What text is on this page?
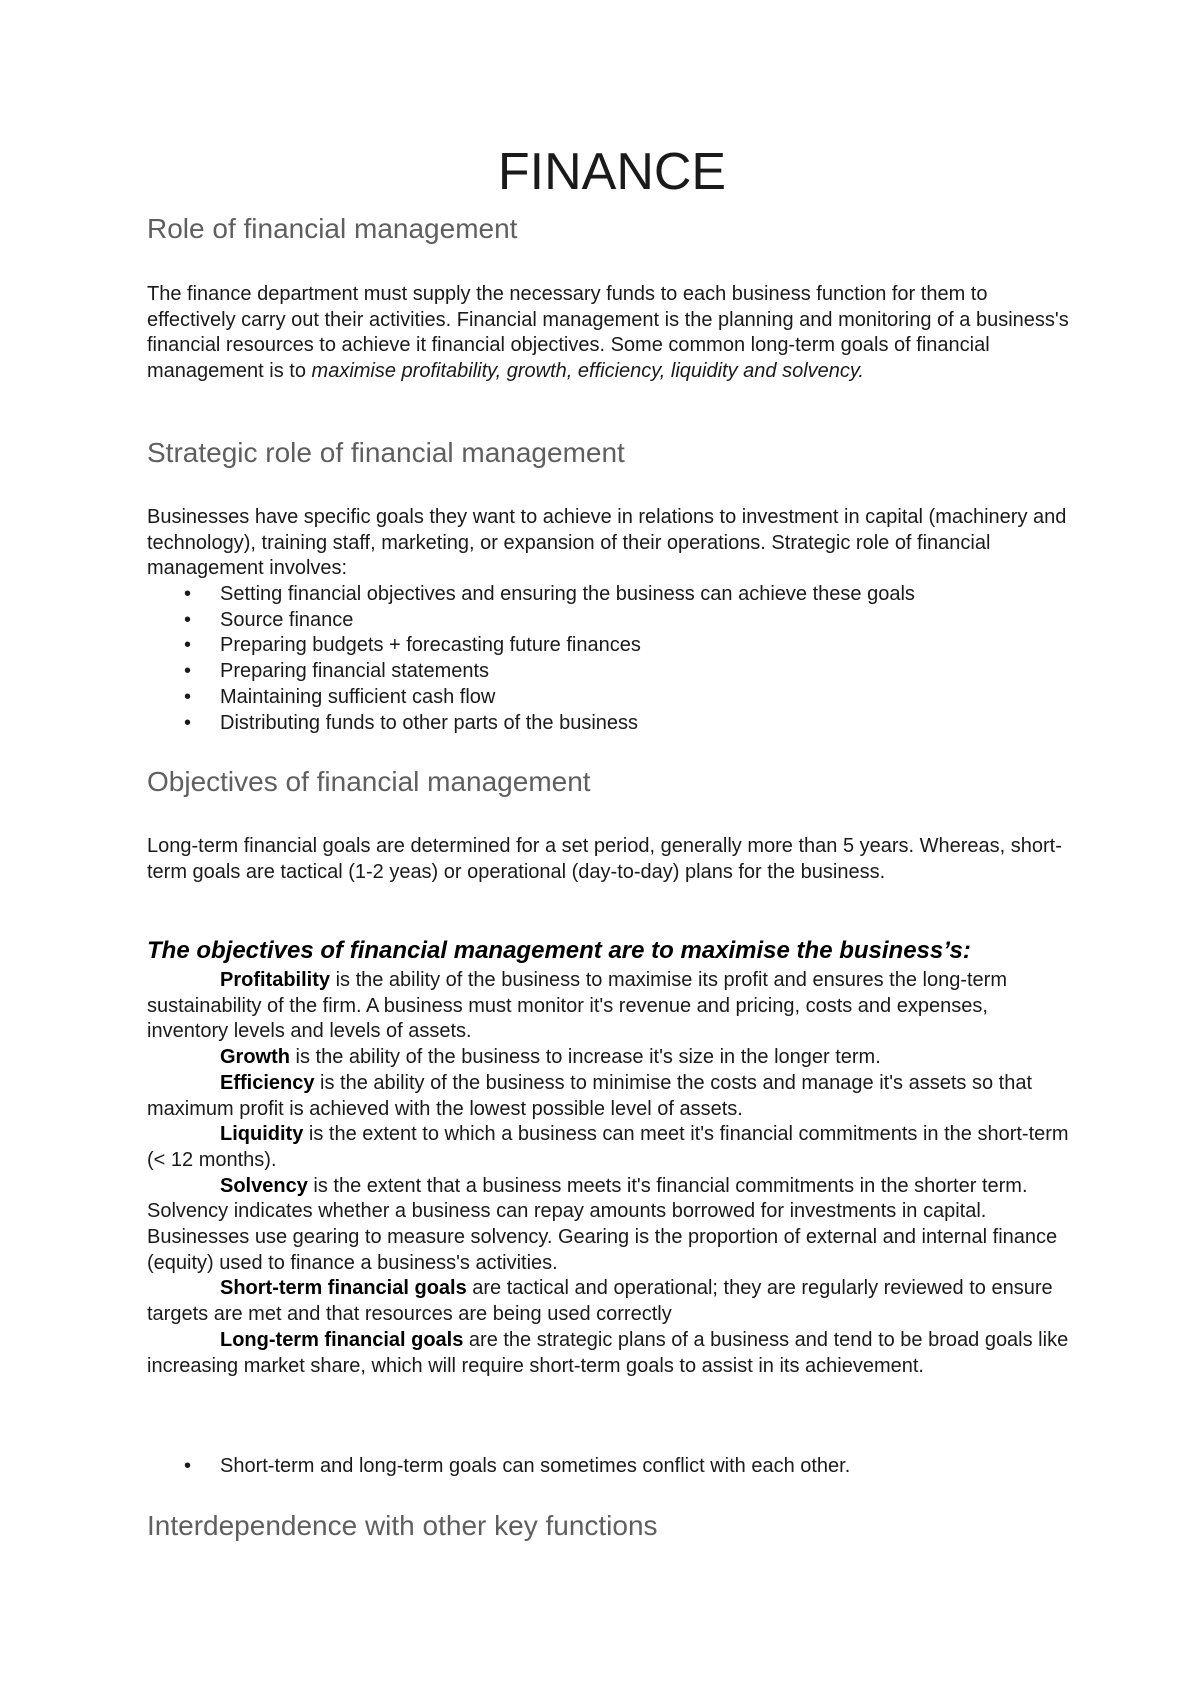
FINANCE
Role of financial management

The finance department must supply the necessary funds to each business function for them to effectively carry out their activities. Financial management is the planning and monitoring of a business's financial resources to achieve it financial objectives. Some common long-term goals of financial management is to maximise profitability, growth, efficiency, liquidity and solvency.

Strategic role of financial management

Businesses have specific goals they want to achieve in relations to investment in capital (machinery and technology), training staff, marketing, or expansion of their operations. Strategic role of financial management involves:

• Setting financial objectives and ensuring the business can achieve these goals
• Source finance
• Preparing budgets + forecasting future finances
• Preparing financial statements
• Maintaining sufficient cash flow
• Distributing funds to other parts of the business
Objectives of financial management

Long-term financial goals are determined for a set period, generally more than 5 years. Whereas, short-term goals are tactical (1-2 yeas) or operational (day-to-day) plans for the business.

The objectives of financial management are to maximise the business’s:

Profitability is the ability of the business to maximise its profit and ensures the long-term sustainability of the firm. A business must monitor it's revenue and pricing, costs and expenses, inventory levels and levels of assets.

Growth is the ability of the business to increase it's size in the longer term.

Efficiency is the ability of the business to minimise the costs and manage it's assets so that maximum profit is achieved with the lowest possible level of assets.

Liquidity is the extent to which a business can meet it's financial commitments in the short-term (< 12 months).

Solvency is the extent that a business meets it's financial commitments in the shorter term. Solvency indicates whether a business can repay amounts borrowed for investments in capital. Businesses use gearing to measure solvency. Gearing is the proportion of external and internal finance (equity) used to finance a business's activities.

Short-term financial goals are tactical and operational; they are regularly reviewed to ensure targets are met and that resources are being used correctly

Long-term financial goals are the strategic plans of a business and tend to be broad goals like increasing market share, which will require short-term goals to assist in its achievement.

• Short-term and long-term goals can sometimes conflict with each other.
Interdependence with other key functions
